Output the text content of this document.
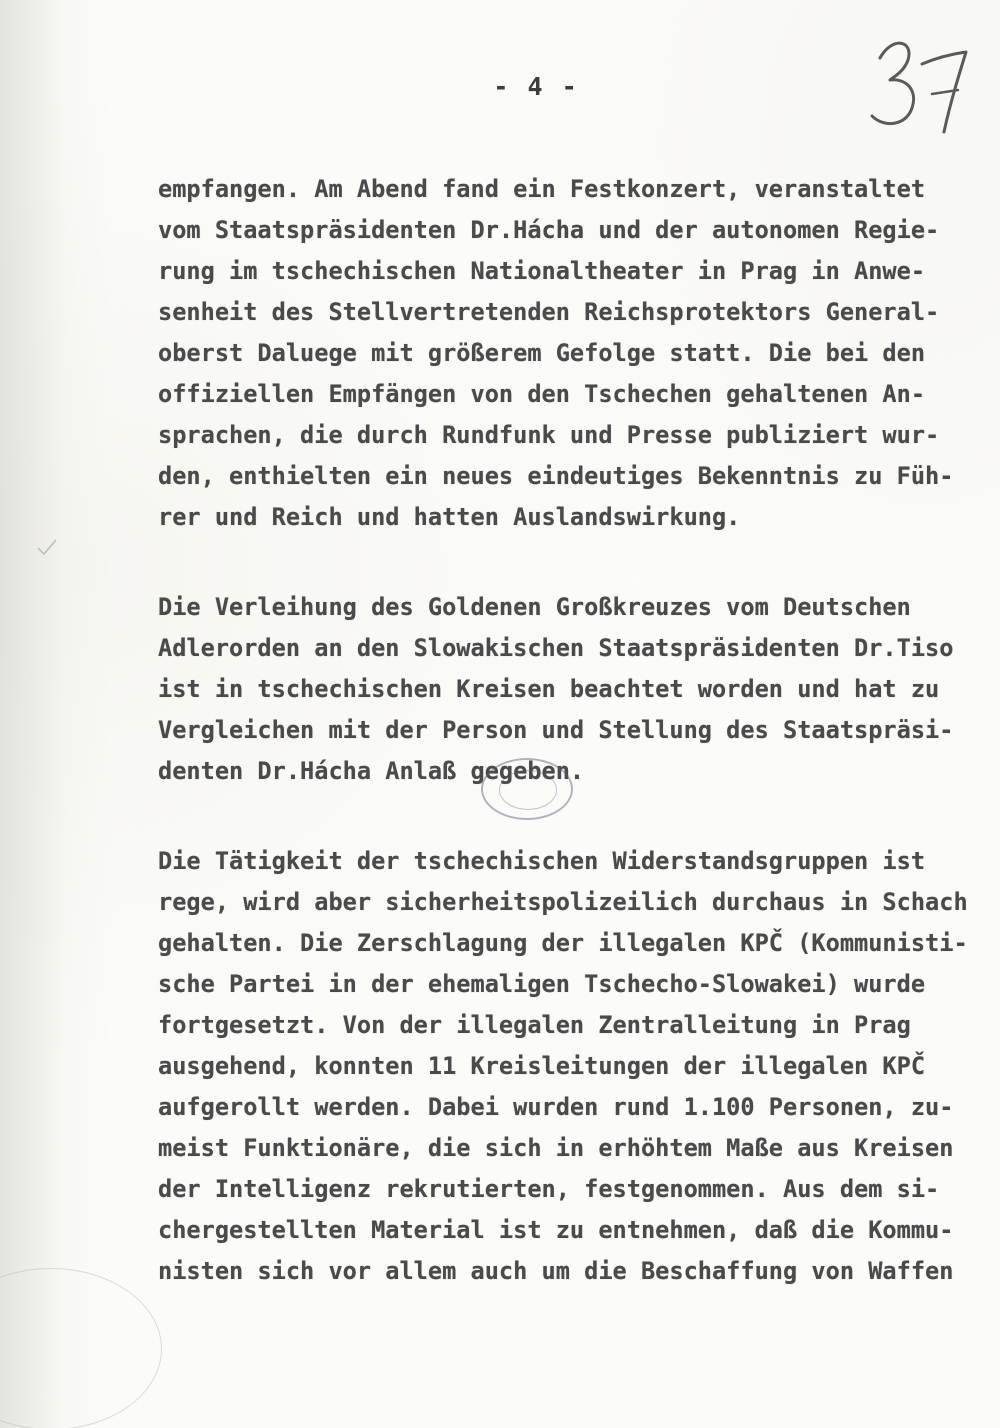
- 4 -
empfangen. Am Abend fand ein Festkonzert, veranstaltet
vom Staatspräsidenten Dr.Hácha und der autonomen Regie-
rung im tschechischen Nationaltheater in Prag in Anwe-
senheit des Stellvertretenden Reichsprotektors General-
oberst Daluege mit größerem Gefolge statt. Die bei den
offiziellen Empfängen von den Tschechen gehaltenen An-
sprachen, die durch Rundfunk und Presse publiziert wur-
den, enthielten ein neues eindeutiges Bekenntnis zu Füh-
rer und Reich und hatten Auslandswirkung.
Die Verleihung des Goldenen Großkreuzes vom Deutschen
Adlerorden an den Slowakischen Staatspräsidenten Dr.Tiso
ist in tschechischen Kreisen beachtet worden und hat zu
Vergleichen mit der Person und Stellung des Staatspräsi-
denten Dr.Hácha Anlaß gegeben.
Die Tätigkeit der tschechischen Widerstandsgruppen ist
rege, wird aber sicherheitspolizeilich durchaus in Schach
gehalten. Die Zerschlagung der illegalen KPČ (Kommunisti-
sche Partei in der ehemaligen Tschecho-Slowakei) wurde
fortgesetzt. Von der illegalen Zentralleitung in Prag
ausgehend, konnten 11 Kreisleitungen der illegalen KPČ
aufgerollt werden. Dabei wurden rund 1.100 Personen, zu-
meist Funktionäre, die sich in erhöhtem Maße aus Kreisen
der Intelligenz rekrutierten, festgenommen. Aus dem si-
chergestellten Material ist zu entnehmen, daß die Kommu-
nisten sich vor allem auch um die Beschaffung von Waffen
